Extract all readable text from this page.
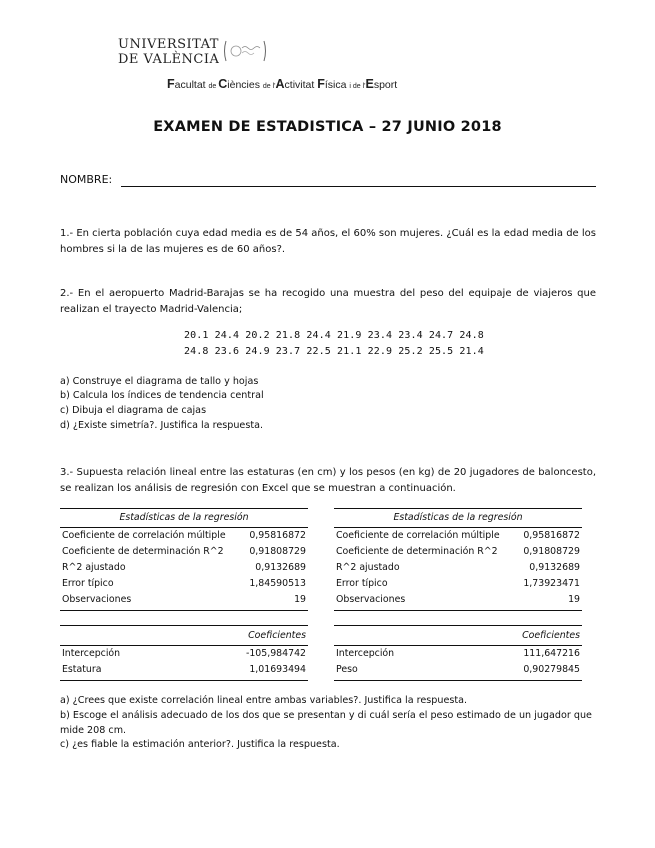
UNIVERSITAT
DE VALÈNCIA
Facultat de Ciències de l'Activitat Física i de l'Esport
EXAMEN DE ESTADISTICA – 27 JUNIO 2018
NOMBRE:
1.- En cierta población cuya edad media es de 54 años, el 60% son mujeres. ¿Cuál es la edad media de los hombres si la de las mujeres es de 60 años?.
2.- En el aeropuerto Madrid-Barajas se ha recogido una muestra del peso del equipaje de viajeros que realizan el trayecto Madrid-Valencia;
20.1 24.4 20.2 21.8 24.4 21.9 23.4 23.4 24.7 24.8
24.8 23.6 24.9 23.7 22.5 21.1 22.9 25.2 25.5 21.4
a) Construye el diagrama de tallo y hojas
b) Calcula los índices de tendencia central
c) Dibuja el diagrama de cajas
d) ¿Existe simetría?. Justifica la respuesta.
3.- Supuesta relación lineal entre las estaturas (en cm) y los pesos (en kg) de 20 jugadores de baloncesto, se realizan los análisis de regresión con Excel que se muestran a continuación.
Estadísticas de la regresión
Coeficiente de correlación múltiple	0,95816872
Coeficiente de determinación R^2	0,91808729
R^2 ajustado	0,9132689
Error típico	1,84590513
Observaciones	19
Coeficientes
Intercepción	-105,984742
Estatura	1,01693494
Estadísticas de la regresión
Coeficiente de correlación múltiple	0,95816872
Coeficiente de determinación R^2	0,91808729
R^2 ajustado	0,9132689
Error típico	1,73923471
Observaciones	19
Coeficientes
Intercepción	111,647216
Peso	0,90279845
a) ¿Crees que existe correlación lineal entre ambas variables?. Justifica la respuesta.
b) Escoge el análisis adecuado de los dos que se presentan y di cuál sería el peso estimado de un jugador que mide 208 cm.
c) ¿es fiable la estimación anterior?. Justifica la respuesta.
